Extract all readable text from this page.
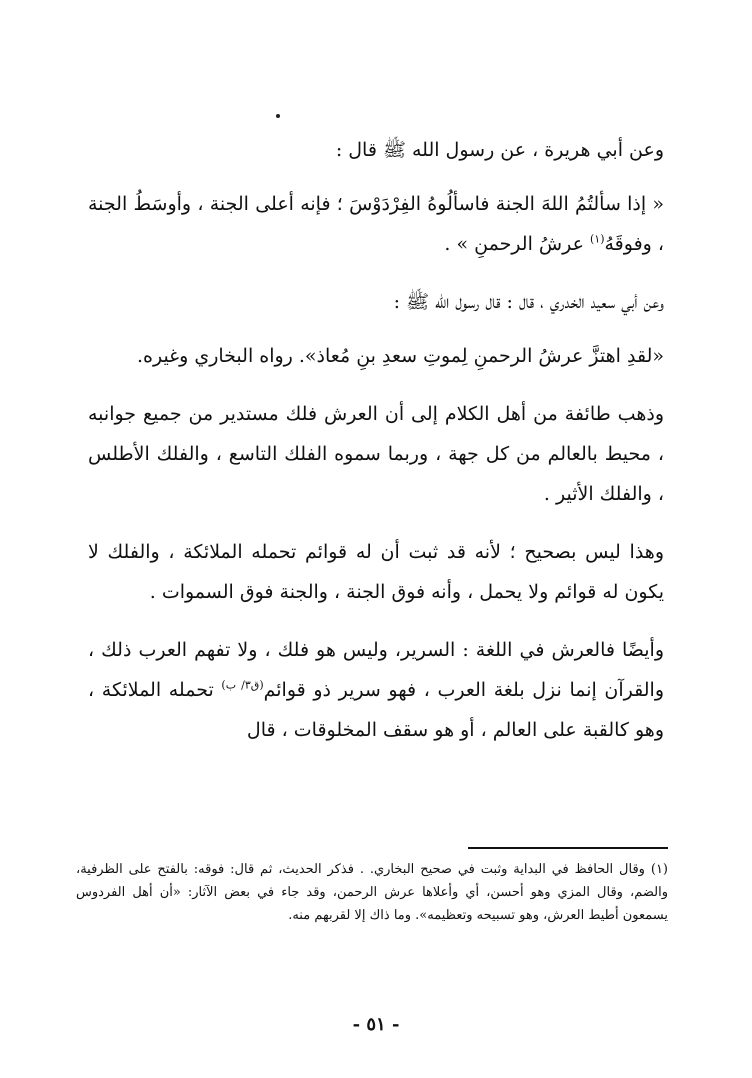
وعن أبي هريرة ، عن رسول الله ﷺ قال :

« إذا سألتُمُ اللهَ الجنة فاسألُوهُ الفِرْدَوْسَ ؛ فإنه أعلى الجنة ، وأوسَطُ الجنة ، وفوقَهُ$^{(١)}$ عرشُ الرحمنِ » .

وعن أبي سعيد الخدري ، قال : قال رسول الله ﷺ :

«لقدِ اهتزَّ عرشُ الرحمنِ لِموتِ سعدِ بنِ مُعاذ». رواه البخاري وغيره.

وذهب طائفة من أهل الكلام إلى أن العرش فلك مستدير من جميع جوانبه ، محيط بالعالم من كل جهة ، وربما سموه الفلك التاسع ، والفلك الأطلس ، والفلك الأثير .

وهذا ليس بصحيح ؛ لأنه قد ثبت أن له قوائم تحمله الملائكة ، والفلك لا يكون له قوائم ولا يحمل ، وأنه فوق الجنة ، والجنة فوق السموات .

وأيضًا فالعرش في اللغة : السرير، وليس هو فلك ، ولا تفهم العرب ذلك ، والقرآن إنما نزل بلغة العرب ، فهو سرير ذو قوائم$^{(ق٣/ ب)}$ تحمله الملائكة ، وهو كالقبة على العالم ، أو هو سقف المخلوقات ، قال

(١) وقال الحافظ في البداية وثبت في صحيح البخاري. . فذكر الحديث، ثم قال: فوقه: بالفتح على الظرفية، والضم، وقال المزي وهو أحسن، أي وأعلاها عرش الرحمن، وقد جاء في بعض الآثار: «أن أهل الفردوس يسمعون أطيط العرش، وهو تسبيحه وتعظيمه». وما ذاك إلا لقربهم منه.
- ٥١ -
